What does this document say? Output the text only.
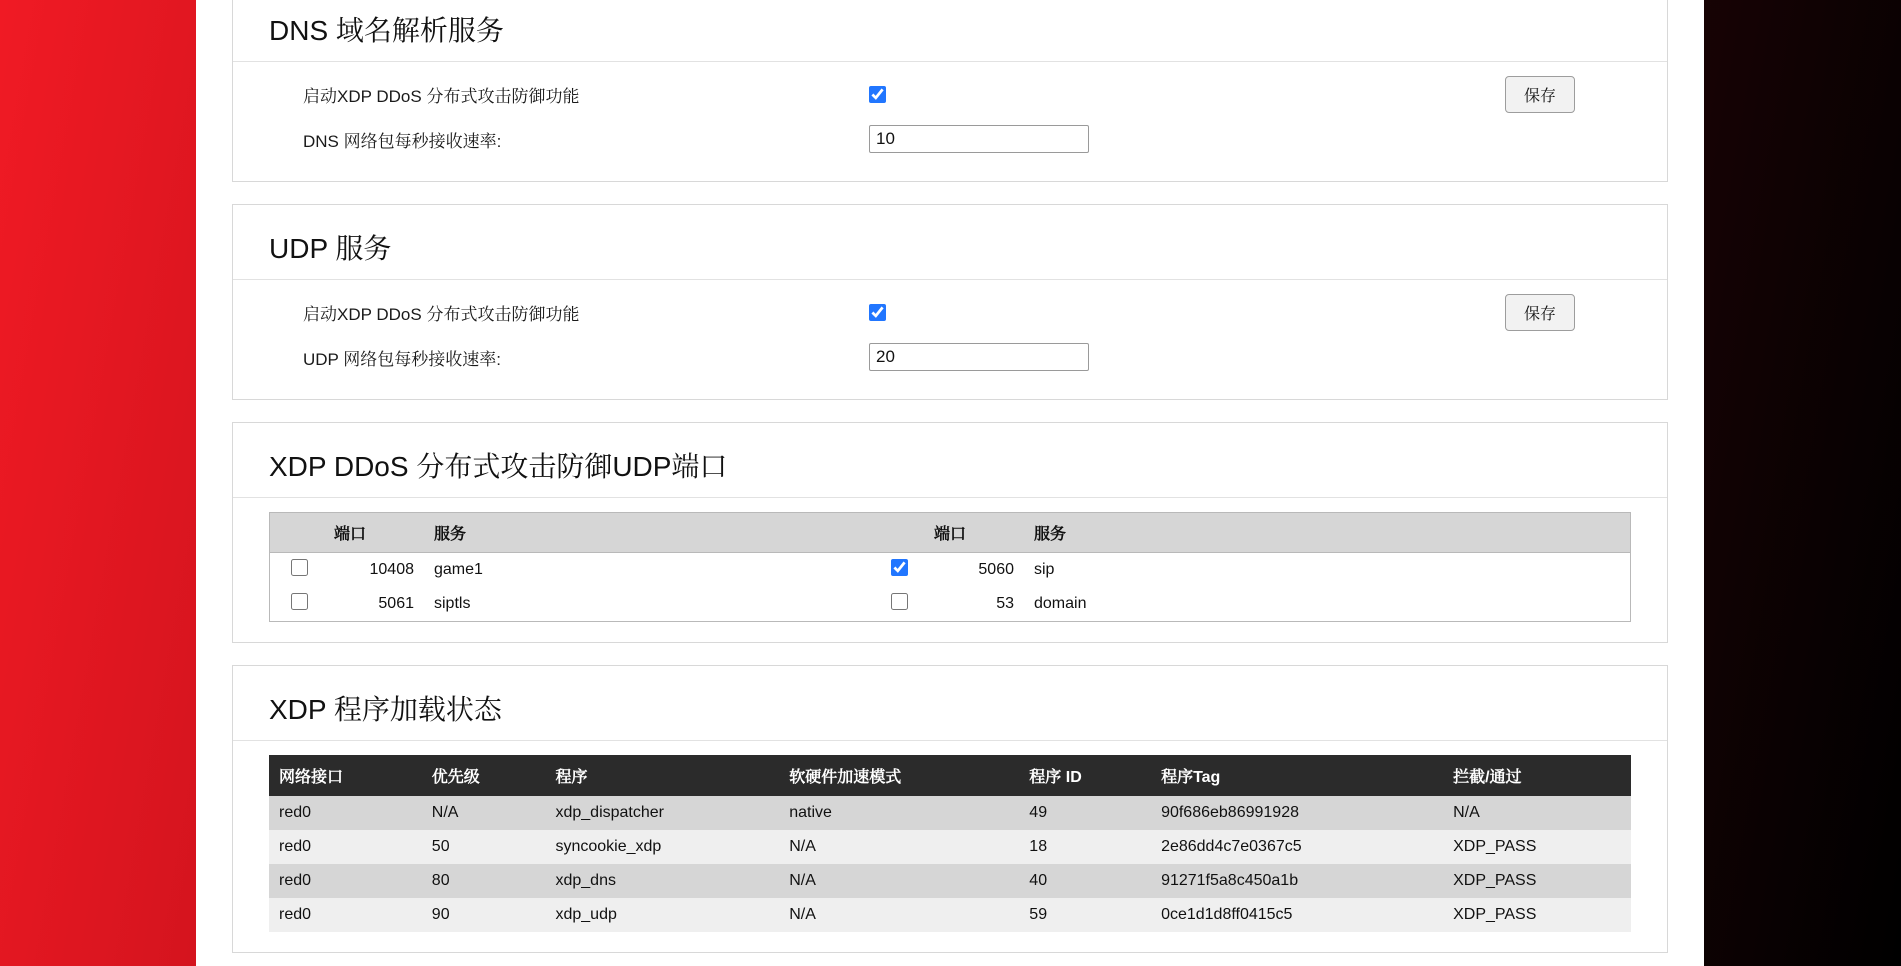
DNS 域名解析服务
启动XDP DDoS 分布式攻击防御功能	保存
DNS 网络包每秒接收速率:
10
UDP 服务
启动XDP DDoS 分布式攻击防御功能	保存
UDP 网络包每秒接收速率:
20
XDP DDoS 分布式攻击防御UDP端口
	端口	服务		端口	服务
	10408	game1		5060	sip
	5061	siptls		53	domain
XDP 程序加载状态
网络接口	优先级	程序	软硬件加速模式	程序 ID	程序Tag	拦截/通过
red0	N/A	xdp_dispatcher	native	49	90f686eb86991928	N/A
red0	50	syncookie_xdp	N/A	18	2e86dd4c7e0367c5	XDP_PASS
red0	80	xdp_dns	N/A	40	91271f5a8c450a1b	XDP_PASS
red0	90	xdp_udp	N/A	59	0ce1d1d8ff0415c5	XDP_PASS
